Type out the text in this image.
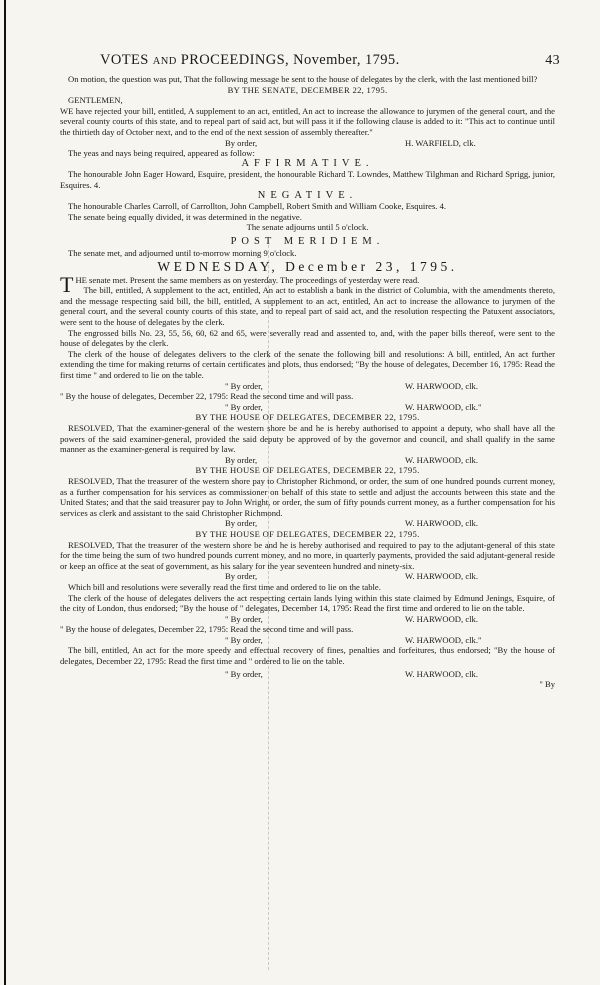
VOTES AND PROCEEDINGS, November, 1795.	43

On motion, the question was put, That the following message be sent to the house of delegates by the clerk, with the last mentioned bill?

BY THE SENATE, DECEMBER 22, 1795.

GENTLEMEN,

WE have rejected your bill, entitled, A supplement to an act, entitled, An act to increase the allowance to jurymen of the general court, and the several county courts of this state, and to repeal part of said act, but will pass it if the following clause is added to it: "This act to continue until the thirtieth day of October next, and to the end of the next session of assembly thereafter."

By order,	H. WARFIELD, clk.

The yeas and nays being required, appeared as follow:

AFFIRMATIVE.

The honourable John Eager Howard, Esquire, president, the honourable Richard T. Lowndes, Matthew Tilghman and Richard Sprigg, junior, Esquires. 4.

NEGATIVE.

The honourable Charles Carroll, of Carrollton, John Campbell, Robert Smith and William Cooke, Esquires. 4.

The senate being equally divided, it was determined in the negative.

The senate adjourns until 5 o'clock.

POST MERIDIEM.

The senate met, and adjourned until to-morrow morning 9 o'clock.

WEDNESDAY, December 23, 1795.

THE senate met. Present the same members as on yesterday. The proceedings of yesterday were read.

The bill, entitled, A supplement to the act, entitled, An act to establish a bank in the district of Columbia, with the amendments thereto, and the message respecting said bill, the bill, entitled, A supplement to an act, entitled, An act to increase the allowance to jurymen of the general court, and the several county courts of this state, and to repeal part of said act, and the resolution respecting the Patuxent associators, were sent to the house of delegates by the clerk.

The engrossed bills No. 23, 55, 56, 60, 62 and 65, were severally read and assented to, and, with the paper bills thereof, were sent to the house of delegates by the clerk.

The clerk of the house of delegates delivers to the clerk of the senate the following bill and resolutions: A bill, entitled, An act further extending the time for making returns of certain certificates and plots, thus endorsed; "By the house of delegates, December 16, 1795: Read the first time " and ordered to lie on the table.

" By order,	W. HARWOOD, clk.

" By the house of delegates, December 22, 1795: Read the second time and will pass.

" By order,	W. HARWOOD, clk."

BY THE HOUSE OF DELEGATES, DECEMBER 22, 1795.

RESOLVED, That the examiner-general of the western shore be and he is hereby authorised to appoint a deputy, who shall have all the powers of the said examiner-general, provided the said deputy be approved of by the governor and council, and shall qualify in the same manner as the examiner-general is required by law.

By order,	W. HARWOOD, clk.

BY THE HOUSE OF DELEGATES, DECEMBER 22, 1795.

RESOLVED, That the treasurer of the western shore pay to Christopher Richmond, or order, the sum of one hundred pounds current money, as a further compensation for his services as commissioner on behalf of this state to settle and adjust the accounts between this state and the United States; and that the said treasurer pay to John Wright, or order, the sum of fifty pounds current money, as a further compensation for his services as clerk and assistant to the said Christopher Richmond.

By order,	W. HARWOOD, clk.

BY THE HOUSE OF DELEGATES, DECEMBER 22, 1795.

RESOLVED, That the treasurer of the western shore be and he is hereby authorised and required to pay to the adjutant-general of this state for the time being the sum of two hundred pounds current money, and no more, in quarterly payments, provided the said adjutant-general reside or keep an office at the seat of government, as his salary for the year seventeen hundred and ninety-six.

By order,	W. HARWOOD, clk.

Which bill and resolutions were severally read the first time and ordered to lie on the table.

The clerk of the house of delegates delivers the act respecting certain lands lying within this state claimed by Edmund Jenings, Esquire, of the city of London, thus endorsed; "By the house of " delegates, December 14, 1795: Read the first time and ordered to lie on the table.

" By order,	W. HARWOOD, clk.

" By the house of delegates, December 22, 1795: Read the second time and will pass.

" By order,	W. HARWOOD, clk."

The bill, entitled, An act for the more speedy and effectual recovery of fines, penalties and forfeitures, thus endorsed; "By the house of delegates, December 22, 1795: Read the first time and " ordered to lie on the table.

" By order,	W. HARWOOD, clk.
" By
